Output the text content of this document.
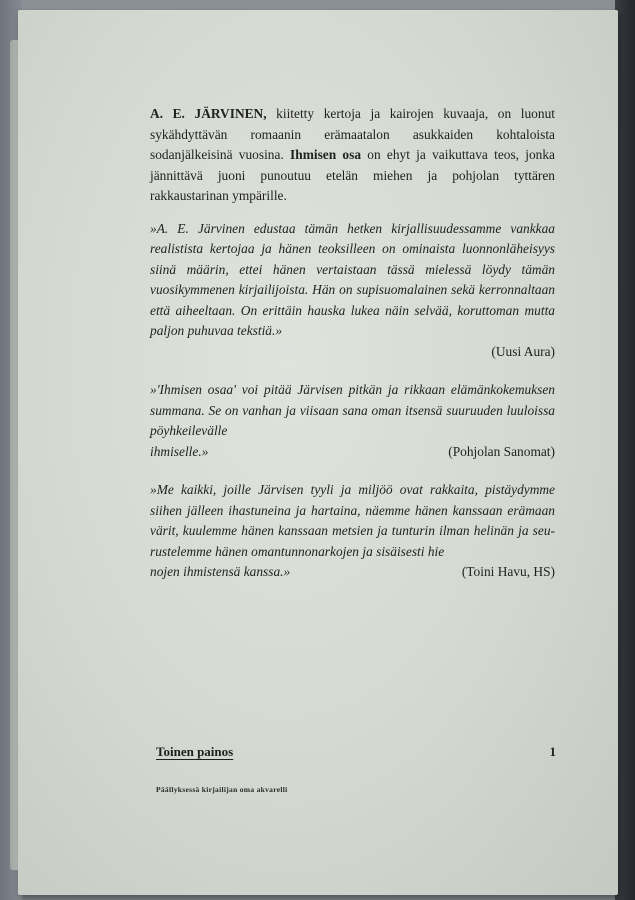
A. E. JÄRVINEN, kiitetty kertoja ja kairojen kuvaaja, on luonut sykähdyttävän romaanin erämaatalon asukkaiden kohtaloista sodanjälkeisinä vuosina. Ihmisen osa on ehyt ja vaikuttava teos, jonka jännittävä juoni punoutuu etelän miehen ja pohjolan tyttären rakkaustarinan ympärille.

»A. E. Järvinen edustaa tämän hetken kirjallisuudessamme vankkaa realistista kertojaa ja hänen teoksilleen on ominaista luonnonläheisyys siinä määrin, ettei hänen vertaistaan tässä mielessä löydy tämän vuosikymmenen kirjailijoista. Hän on supisuomalainen sekä kerronnaltaan että aiheeltaan. On erittäin hauska lukea näin selvää, koruttoman mutta paljon puhuvaa tekstiä.»

(Uusi Aura)

»'Ihmisen osaa' voi pitää Järvisen pitkän ja rikkaan elämänkokemuksen summana. Se on vanhan ja viisaan sana oman itsensä suuruuden luuloissa pöyhkeilevälle

ihmiselle.»	(Pohjolan Sanomat)

»Me kaikki, joille Järvisen tyyli ja miljöö ovat rakkaita, pistäydymme siihen jälleen ihastuneina ja hartaina, näemme hänen kanssaan erämaan värit, kuulemme hänen kanssaan metsien ja tunturin ilman helinän ja seurustelemme hänen omantunnonarkojen ja sisäisesti hie

nojen ihmistensä kanssa.»	(Toini Havu, HS)
Toinen painos	1
Päällyksessä kirjailijan oma akvarelli
